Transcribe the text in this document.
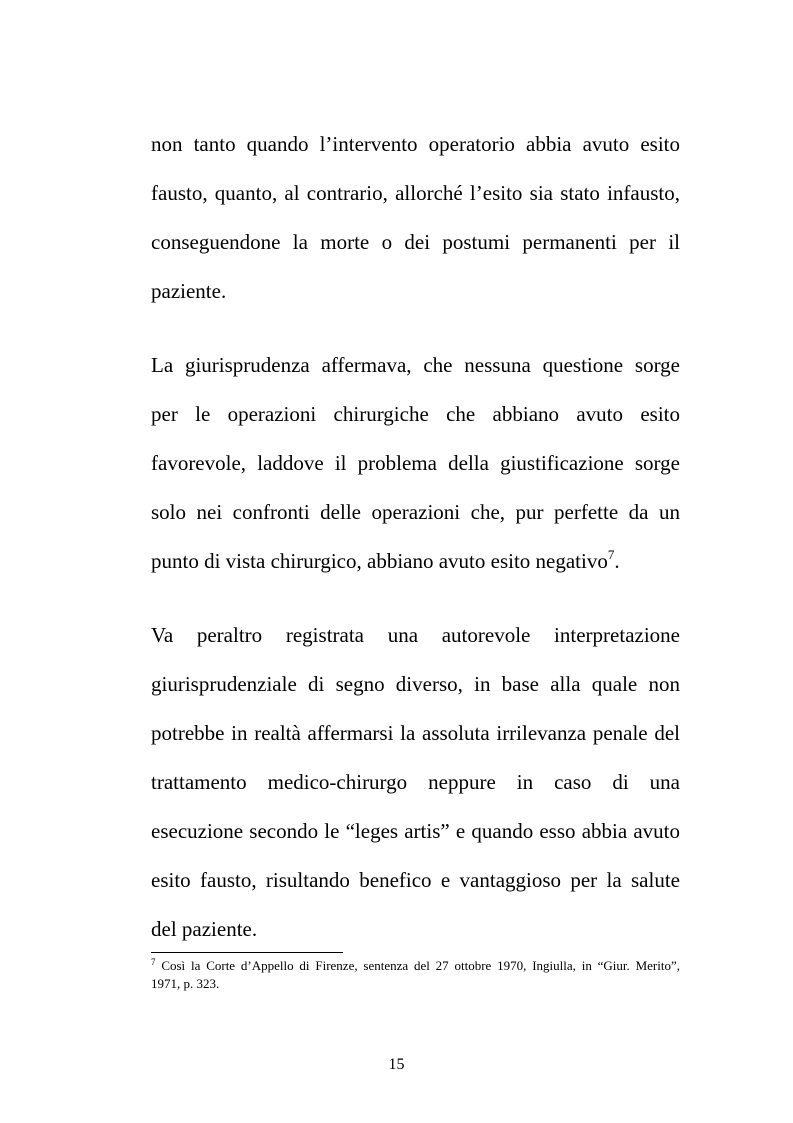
non tanto quando l’intervento operatorio abbia avuto esito
fausto, quanto, al contrario, allorché l’esito sia stato infausto,
conseguendone la morte o dei postumi permanenti per il
paziente.
La giurisprudenza affermava, che nessuna questione sorge
per le operazioni chirurgiche che abbiano avuto esito
favorevole, laddove il problema della giustificazione sorge
solo nei confronti delle operazioni che, pur perfette da un
punto di vista chirurgico, abbiano avuto esito negativo$^7$.
Va peraltro registrata una autorevole interpretazione
giurisprudenziale di segno diverso, in base alla quale non
potrebbe in realtà affermarsi la assoluta irrilevanza penale del
trattamento medico-chirurgo neppure in caso di una
esecuzione secondo le “leges artis” e quando esso abbia avuto
esito fausto, risultando benefico e vantaggioso per la salute
del paziente.
$^7$ Così la Corte d’Appello di Firenze, sentenza del 27 ottobre 1970, Ingiulla, in “Giur. Merito”,
1971, p. 323.
15
